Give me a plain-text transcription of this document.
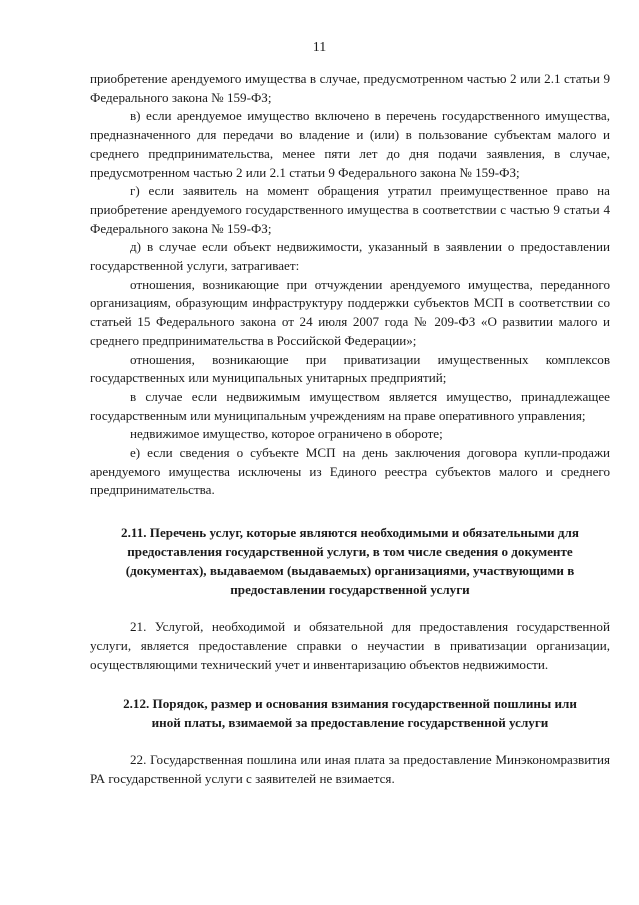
11

приобретение арендуемого имущества в случае, предусмотренном частью 2 или 2.1 статьи 9 Федерального закона № 159-ФЗ;

в) если арендуемое имущество включено в перечень государственного имущества, предназначенного для передачи во владение и (или) в пользование субъектам малого и среднего предпринимательства, менее пяти лет до дня подачи заявления, в случае, предусмотренном частью 2 или 2.1 статьи 9 Федерального закона № 159-ФЗ;

г) если заявитель на момент обращения утратил преимущественное право на приобретение арендуемого государственного имущества в соответствии с частью 9 статьи 4 Федерального закона № 159-ФЗ;

д) в случае если объект недвижимости, указанный в заявлении о предоставлении государственной услуги, затрагивает:

отношения, возникающие при отчуждении арендуемого имущества, переданного организациям, образующим инфраструктуру поддержки субъектов МСП в соответствии со статьей 15 Федерального закона от 24 июля 2007 года № 209-ФЗ «О развитии малого и среднего предпринимательства в Российской Федерации»;

отношения, возникающие при приватизации имущественных комплексов государственных или муниципальных унитарных предприятий;

в случае если недвижимым имуществом является имущество, принадлежащее государственным или муниципальным учреждениям на праве оперативного управления;

недвижимое имущество, которое ограничено в обороте;

е) если сведения о субъекте МСП на день заключения договора купли-продажи арендуемого имущества исключены из Единого реестра субъектов малого и среднего предпринимательства.

2.11. Перечень услуг, которые являются необходимыми и обязательными для предоставления государственной услуги, в том числе сведения о документе (документах), выдаваемом (выдаваемых) организациями, участвующими в предоставлении государственной услуги

21. Услугой, необходимой и обязательной для предоставления государственной услуги, является предоставление справки о неучастии в приватизации организации, осуществляющими технический учет и инвентаризацию объектов недвижимости.

2.12. Порядок, размер и основания взимания государственной пошлины или иной платы, взимаемой за предоставление государственной услуги

22. Государственная пошлина или иная плата за предоставление Минэкономразвития РА государственной услуги с заявителей не взимается.
